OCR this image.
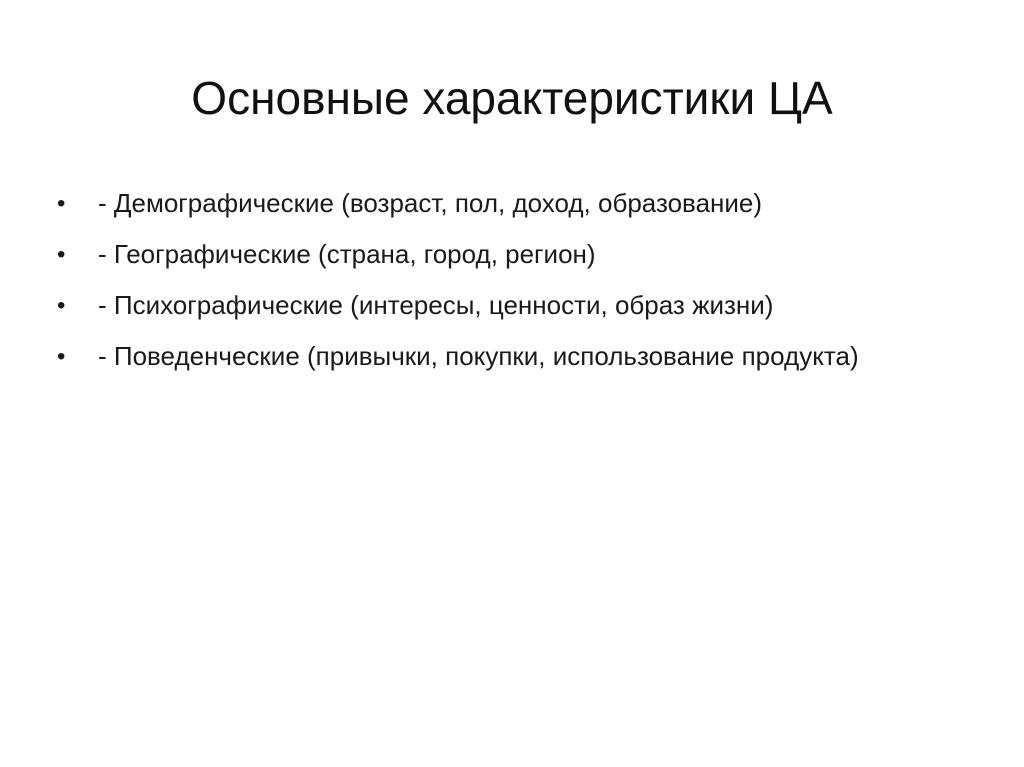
Основные характеристики ЦА
•	- Демографические (возраст, пол, доход, образование)
•	- Географические (страна, город, регион)
•	- Психографические (интересы, ценности, образ жизни)
•	- Поведенческие (привычки, покупки, использование продукта)
